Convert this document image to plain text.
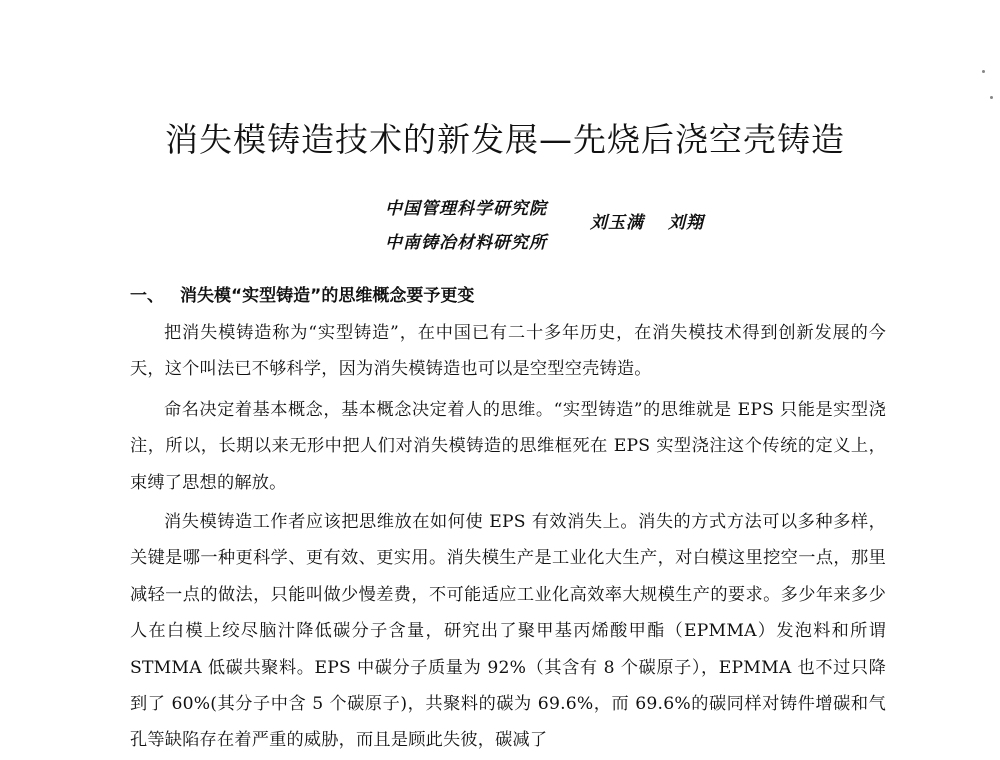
消失模铸造技术的新发展—先烧后浇空壳铸造
中国管理科学研究院
中南铸冶材料研究所
刘玉满 刘翔
一、 消失模“实型铸造”的思维概念要予更变

把消失模铸造称为“实型铸造”，在中国已有二十多年历史，在消失模技术得到创新发展的今天，这个叫法已不够科学，因为消失模铸造也可以是空型空壳铸造。

命名决定着基本概念，基本概念决定着人的思维。“实型铸造”的思维就是 EPS 只能是实型浇注，所以，长期以来无形中把人们对消失模铸造的思维框死在 EPS 实型浇注这个传统的定义上，束缚了思想的解放。

消失模铸造工作者应该把思维放在如何使 EPS 有效消失上。消失的方式方法可以多种多样，关键是哪一种更科学、更有效、更实用。消失模生产是工业化大生产，对白模这里挖空一点，那里减轻一点的做法，只能叫做少慢差费，不可能适应工业化高效率大规模生产的要求。多少年来多少人在白模上绞尽脑汁降低碳分子含量，研究出了聚甲基丙烯酸甲酯（EPMMA）发泡料和所谓 STMMA 低碳共聚料。EPS 中碳分子质量为 92%（其含有 8 个碳原子），EPMMA 也不过只降到了 60%(其分子中含 5 个碳原子)，共聚料的碳为 69.6%，而 69.6%的碳同样对铸件增碳和气孔等缺陷存在着严重的威胁，而且是顾此失彼，碳减了
